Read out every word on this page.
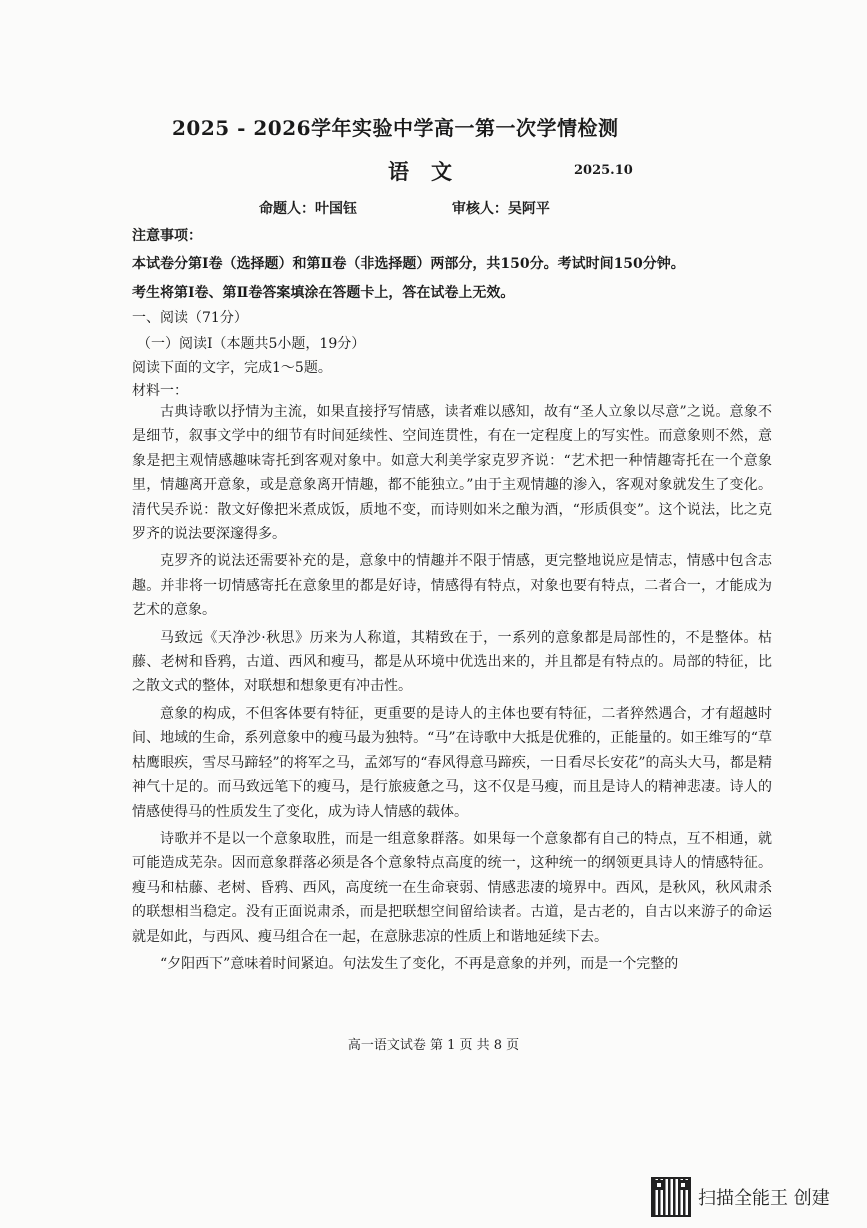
2025 - 2026学年实验中学高一第一次学情检测
语文	2025.10
命题人：叶国钰	审核人：吴阿平
注意事项：
本试卷分第Ⅰ卷（选择题）和第Ⅱ卷（非选择题）两部分，共150分。考试时间150分钟。
考生将第Ⅰ卷、第Ⅱ卷答案填涂在答题卡上，答在试卷上无效。
一、阅读（71分）
（一）阅读Ⅰ（本题共5小题，19分）
阅读下面的文字，完成1～5题。
材料一：

古典诗歌以抒情为主流，如果直接抒写情感，读者难以感知，故有“圣人立象以尽意”之说。意象不是细节，叙事文学中的细节有时间延续性、空间连贯性，有在一定程度上的写实性。而意象则不然，意象是把主观情感趣味寄托到客观对象中。如意大利美学家克罗齐说：“艺术把一种情趣寄托在一个意象里，情趣离开意象，或是意象离开情趣，都不能独立。”由于主观情趣的渗入，客观对象就发生了变化。清代吴乔说：散文好像把米煮成饭，质地不变，而诗则如米之酿为酒，“形质俱变”。这个说法，比之克罗齐的说法要深邃得多。

克罗齐的说法还需要补充的是，意象中的情趣并不限于情感，更完整地说应是情志，情感中包含志趣。并非将一切情感寄托在意象里的都是好诗，情感得有特点，对象也要有特点，二者合一，才能成为艺术的意象。

马致远《天净沙·秋思》历来为人称道，其精致在于，一系列的意象都是局部性的，不是整体。枯藤、老树和昏鸦，古道、西风和瘦马，都是从环境中优选出来的，并且都是有特点的。局部的特征，比之散文式的整体，对联想和想象更有冲击性。

意象的构成，不但客体要有特征，更重要的是诗人的主体也要有特征，二者猝然遇合，才有超越时间、地域的生命，系列意象中的瘦马最为独特。“马”在诗歌中大抵是优雅的，正能量的。如王维写的“草枯鹰眼疾，雪尽马蹄轻”的将军之马，孟郊写的“春风得意马蹄疾，一日看尽长安花”的高头大马，都是精神气十足的。而马致远笔下的瘦马，是行旅疲惫之马，这不仅是马瘦，而且是诗人的精神悲凄。诗人的情感使得马的性质发生了变化，成为诗人情感的载体。

诗歌并不是以一个意象取胜，而是一组意象群落。如果每一个意象都有自己的特点，互不相通，就可能造成芜杂。因而意象群落必须是各个意象特点高度的统一，这种统一的纲领更具诗人的情感特征。瘦马和枯藤、老树、昏鸦、西风，高度统一在生命衰弱、情感悲凄的境界中。西风，是秋风，秋风肃杀的联想相当稳定。没有正面说肃杀，而是把联想空间留给读者。古道，是古老的，自古以来游子的命运就是如此，与西风、瘦马组合在一起，在意脉悲凉的性质上和谐地延续下去。

“夕阳西下”意味着时间紧迫。句法发生了变化，不再是意象的并列，而是一个完整的

高一语文试卷 第 1 页 共 8 页
扫描全能王 创建
